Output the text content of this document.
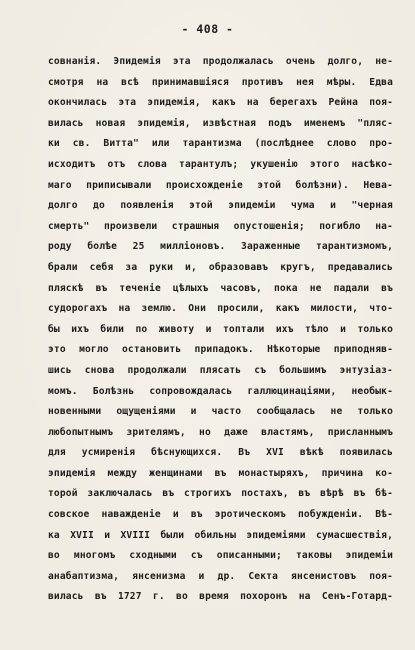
- 408 -
совнанія. Эпидемія эта продолжалась очень долго, не-
смотря на всѣ принимавшіяся противъ нея мѣры. Едва
окончилась эта эпидемія, какъ на берегахъ Рейна поя-
вилась новая эпидемія, извѣстная подъ именемъ "пляс-
ки св. Витта" или тарантизма (послѣднее слово про-
исходитъ отъ слова тарантулъ; укушенію этого насѣко-
маго приписывали происхожденіе этой болѣзни). Нева-
долго до появленія этой эпидеміи чума и "черная
смерть" произвели страшныя опустошенія; погибло на-
роду болѣе 25 милліоновъ. Зараженные тарантизмомъ,
брали себя за руки и, образовавъ кругъ, предавались
пляскѣ въ теченіе цѣлыхъ часовъ, пока не падали въ
судорогахъ на землю. Они просили, какъ милости, что-
бы ихъ били по животу и топтали ихъ тѣло и только
это могло остановить припадокъ. Нѣкоторые приподняв-
шись снова продолжали плясать съ большимъ энтузіаз-
момъ. Болѣзнь сопровождалась галлюцинаціями, необык-
новенными ощущеніями и часто сообщалась не только
любопытнымъ зрителямъ, но даже властямъ, присланнымъ
для усмиренія бѣснующихся. Въ XVI вѣкѣ появилась
эпидемія между женщинами въ монастыряхъ, причина ко-
торой заключалась въ строгихъ постахъ, въ вѣрѣ въ бѣ-
совское наважденіе и въ эротическомъ побужденіи. Вѣ-
ка XVII и XVIII были обильны эпидеміями сумасшествія,
во многомъ сходными съ описанными; таковы эпидеміи
анабаптизма, янсенизма и др. Секта янсенистовъ поя-
вилась въ 1727 г. во время похоронъ на Сенъ-Готард-
